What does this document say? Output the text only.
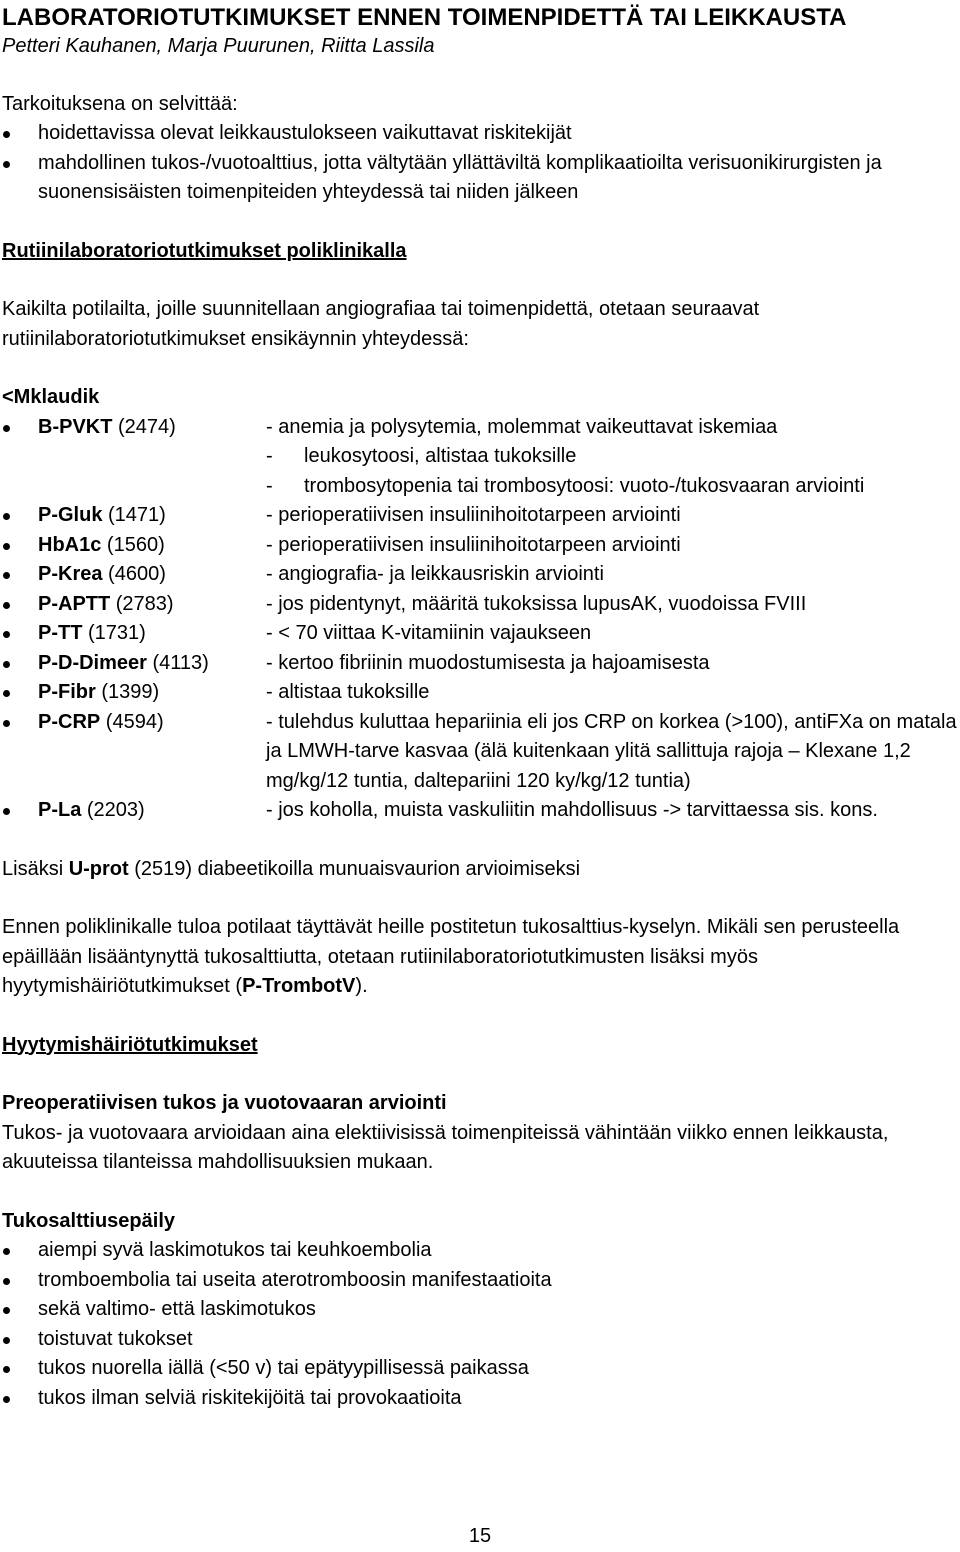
LABORATORIOTUTKIMUKSET ENNEN TOIMENPIDETTÄ TAI LEIKKAUSTA

Petteri Kauhanen, Marja Puurunen, Riitta Lassila

Tarkoituksena on selvittää:

hoidettavissa olevat leikkaustulokseen vaikuttavat riskitekijät
mahdollinen tukos-/vuotoalttius, jotta vältytään yllättäviltä komplikaatioilta verisuonikirurgisten ja suonensisäisten toimenpiteiden yhteydessä tai niiden jälkeen

Rutiinilaboratoriotutkimukset poliklinikalla

Kaikilta potilailta, joille suunnitellaan angiografiaa tai toimenpidettä, otetaan seuraavat rutiinilaboratoriotutkimukset ensikäynnin yhteydessä:

<Mklaudik

B-PVKT (2474)	- anemia ja polysytemia, molemmat vaikeuttavat iskemiaa
-	leukosytoosi, altistaa tukoksille
-	trombosytopenia tai trombosytoosi: vuoto-/tukosvaaran arviointi
P-Gluk (1471)	- perioperatiivisen insuliinihoitotarpeen arviointi
HbA1c (1560)	- perioperatiivisen insuliinihoitotarpeen arviointi
P-Krea (4600)	- angiografia- ja leikkausriskin arviointi
P-APTT (2783)	- jos pidentynyt, määritä tukoksissa lupusAK, vuodoissa FVIII
P-TT (1731)	- < 70 viittaa K-vitamiinin vajaukseen
P-D-Dimeer (4113)	- kertoo fibriinin muodostumisesta ja hajoamisesta
P-Fibr (1399)	- altistaa tukoksille
P-CRP (4594)	- tulehdus kuluttaa hepariinia eli jos CRP on korkea (>100), antiFXa on matala ja LMWH-tarve kasvaa (älä kuitenkaan ylitä sallittuja rajoja – Klexane 1,2 mg/kg/12 tuntia, daltepariini 120 ky/kg/12 tuntia)
P-La (2203)	- jos koholla, muista vaskuliitin mahdollisuus -> tarvittaessa sis. kons.

Lisäksi U-prot (2519) diabeetikoilla munuaisvaurion arvioimiseksi

Ennen poliklinikalle tuloa potilaat täyttävät heille postitetun tukosalttius-kyselyn. Mikäli sen perusteella epäillään lisääntynyttä tukosalttiutta, otetaan rutiinilaboratoriotutkimusten lisäksi myös hyytymishäiriötutkimukset (P-TrombotV).

Hyytymishäiriötutkimukset

Preoperatiivisen tukos ja vuotovaaran arviointi

Tukos- ja vuotovaara arvioidaan aina elektiivisissä toimenpiteissä vähintään viikko ennen leikkausta, akuuteissa tilanteissa mahdollisuuksien mukaan.

Tukosalttiusepäily

aiempi syvä laskimotukos tai keuhkoembolia
tromboembolia tai useita aterotromboosin manifestaatioita
sekä valtimo- että laskimotukos
toistuvat tukokset
tukos nuorella iällä (<50 v) tai epätyypillisessä paikassa
tukos ilman selviä riskitekijöitä tai provokaatioita
15
